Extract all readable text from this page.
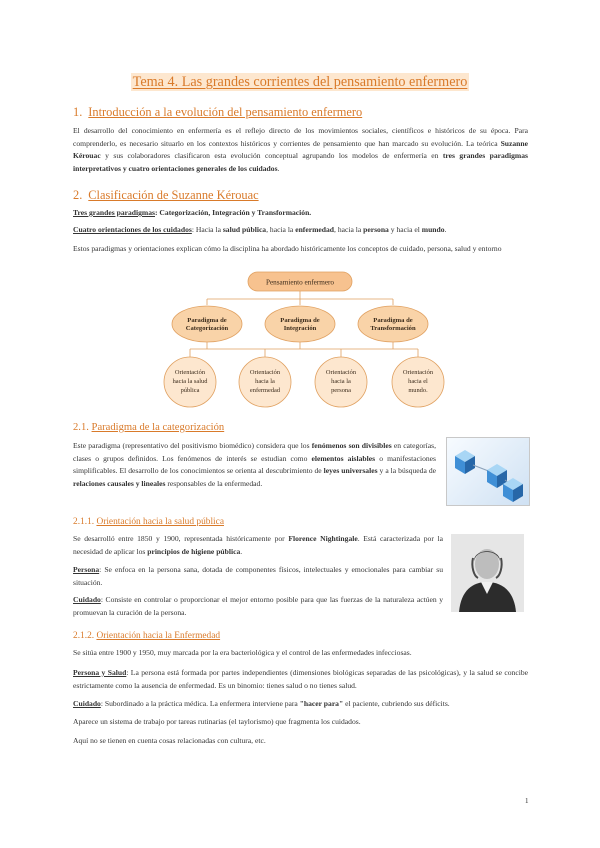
Tema 4. Las grandes corrientes del pensamiento enfermero
1. Introducción a la evolución del pensamiento enfermero
El desarrollo del conocimiento en enfermería es el reflejo directo de los movimientos sociales, científicos e históricos de su época. Para comprenderlo, es necesario situarlo en los contextos históricos y corrientes de pensamiento que han marcado su evolución. La teórica Suzanne Kérouac y sus colaboradores clasificaron esta evolución conceptual agrupando los modelos de enfermería en tres grandes paradigmas interpretativos y cuatro orientaciones generales de los cuidados.
2. Clasificación de Suzanne Kérouac
Tres grandes paradigmas: Categorización, Integración y Transformación.
Cuatro orientaciones de los cuidados: Hacia la salud pública, hacia la enfermedad, hacia la persona y hacia el mundo.
Estos paradigmas y orientaciones explican cómo la disciplina ha abordado históricamente los conceptos de cuidado, persona, salud y entorno
Pensamiento enfermero
Paradigma de
Categorización
Paradigma de
Integración
Paradigma de
Transformación
Orientación
hacia la salud
pública
Orientación
hacia la
enfermedad
Orientación
hacia la
persona
Orientación
hacia el
mundo.
2.1. Paradigma de la categorización
Este paradigma (representativo del positivismo biomédico) considera que los fenómenos son divisibles en categorías, clases o grupos definidos. Los fenómenos de interés se estudian como elementos aislables o manifestaciones simplificables. El desarrollo de los conocimientos se orienta al descubrimiento de leyes universales y a la búsqueda de relaciones causales y lineales responsables de la enfermedad.
2.1.1. Orientación hacia la salud pública
Se desarrolló entre 1850 y 1900, representada históricamente por Florence Nightingale. Está caracterizada por la necesidad de aplicar los principios de higiene pública.
Persona: Se enfoca en la persona sana, dotada de componentes físicos, intelectuales y emocionales para cambiar su situación.
Cuidado: Consiste en controlar o proporcionar el mejor entorno posible para que las fuerzas de la naturaleza actúen y promuevan la curación de la persona.
2.1.2. Orientación hacia la Enfermedad
Se sitúa entre 1900 y 1950, muy marcada por la era bacteriológica y el control de las enfermedades infecciosas.
Persona y Salud: La persona está formada por partes independientes (dimensiones biológicas separadas de las psicológicas), y la salud se concibe estrictamente como la ausencia de enfermedad. Es un binomio: tienes salud o no tienes salud.
Cuidado: Subordinado a la práctica médica. La enfermera interviene para "hacer para" el paciente, cubriendo sus déficits.
Aparece un sistema de trabajo por tareas rutinarias (el taylorismo) que fragmenta los cuidados.
Aquí no se tienen en cuenta cosas relacionadas con cultura, etc.
1
